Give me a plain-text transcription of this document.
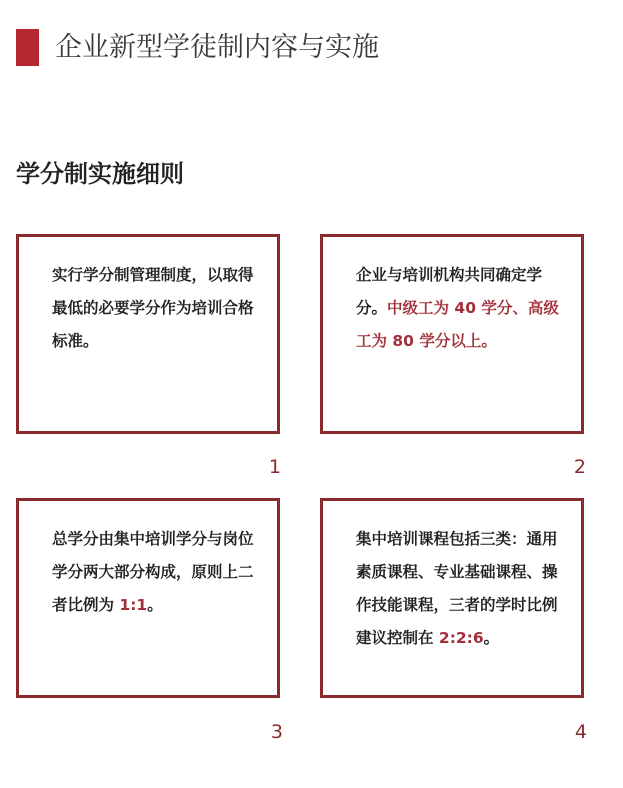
企业新型学徒制内容与实施
学分制实施细则

实行学分制管理制度，以取得最低的必要学分作为培训合格标准。

1

企业与培训机构共同确定学分。中级工为 40 学分、高级工为 80 学分以上。

2

总学分由集中培训学分与岗位学分两大部分构成，原则上二者比例为 1:1。

3

集中培训课程包括三类：通用素质课程、专业基础课程、操作技能课程，三者的学时比例建议控制在 2:2:6。

4
